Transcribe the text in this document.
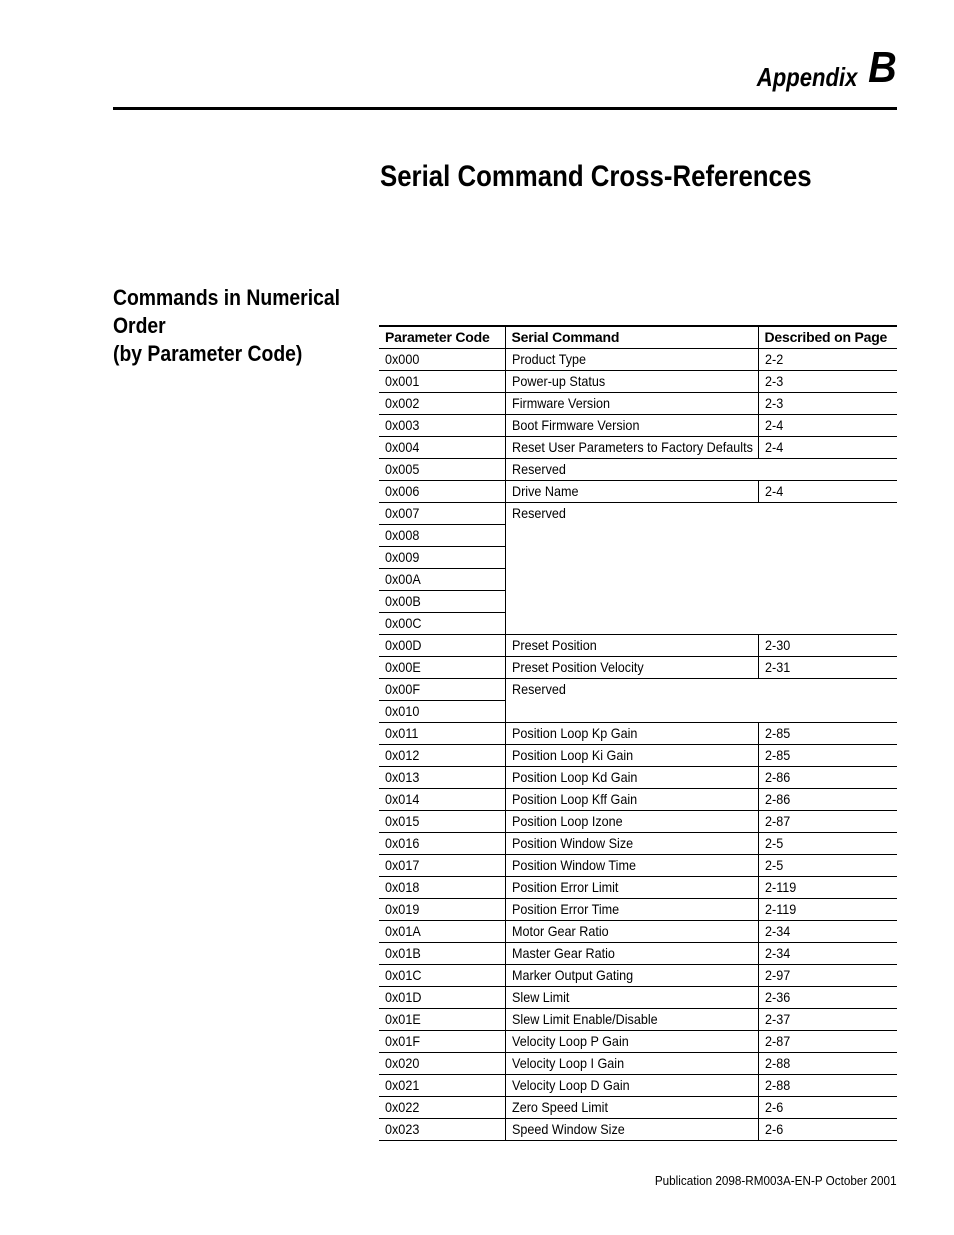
Appendix B
Serial Command Cross-References
Commands in Numerical
Order
(by Parameter Code)
Parameter Code	Serial Command	Described on Page
0x000	Product Type	2-2
0x001	Power-up Status	2-3
0x002	Firmware Version	2-3
0x003	Boot Firmware Version	2-4
0x004	Reset User Parameters to Factory Defaults	2-4
0x005	Reserved	
0x006	Drive Name	2-4
0x007	Reserved	
0x008		
0x009		
0x00A		
0x00B		
0x00C		
0x00D	Preset Position	2-30
0x00E	Preset Position Velocity	2-31
0x00F	Reserved	
0x010		
0x011	Position Loop Kp Gain	2-85
0x012	Position Loop Ki Gain	2-85
0x013	Position Loop Kd Gain	2-86
0x014	Position Loop Kff Gain	2-86
0x015	Position Loop Izone	2-87
0x016	Position Window Size	2-5
0x017	Position Window Time	2-5
0x018	Position Error Limit	2-119
0x019	Position Error Time	2-119
0x01A	Motor Gear Ratio	2-34
0x01B	Master Gear Ratio	2-34
0x01C	Marker Output Gating	2-97
0x01D	Slew Limit	2-36
0x01E	Slew Limit Enable/Disable	2-37
0x01F	Velocity Loop P Gain	2-87
0x020	Velocity Loop I Gain	2-88
0x021	Velocity Loop D Gain	2-88
0x022	Zero Speed Limit	2-6
0x023	Speed Window Size	2-6
Publication 2098-RM003A-EN-P October 2001
